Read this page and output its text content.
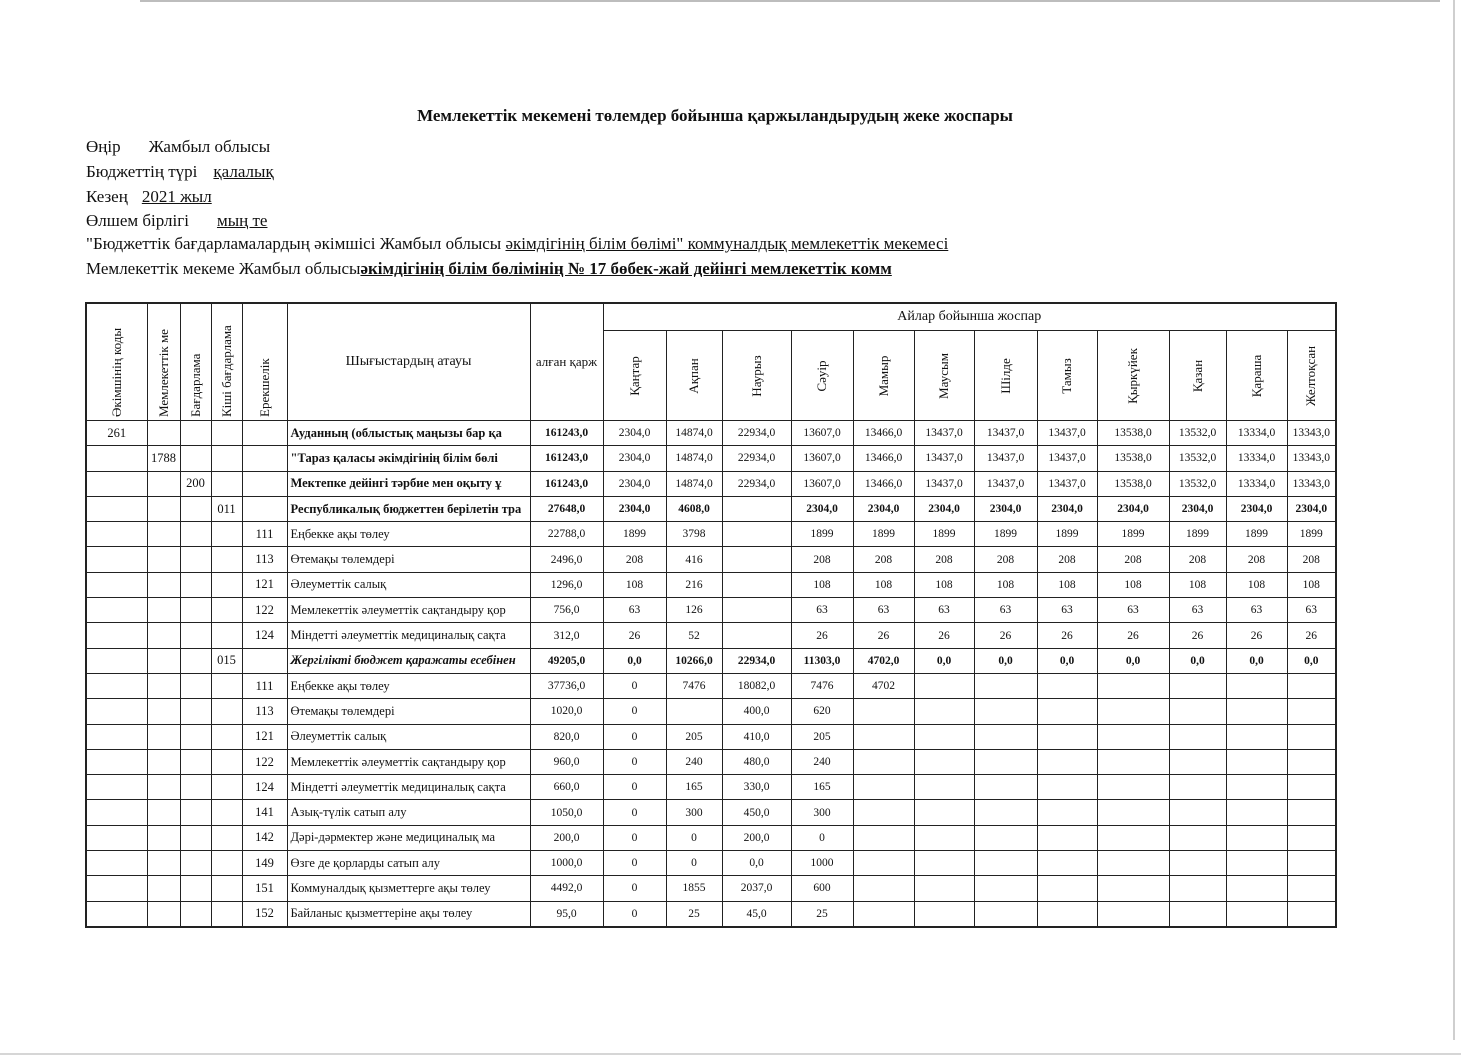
Мемлекеттік мекемені төлемдер бойынша қаржыландырудың жеке жоспары
Өңір Жамбыл облысы
Бюджеттің түрі қалалық
Кезең 2021 жыл
Өлшем бірлігі мың те
"Бюджеттік бағдарламалардың әкімшісі Жамбыл облысы әкімдігінің білім бөлімі" коммуналдық мемлекеттік мекемесі
Мемлекеттік мекеме Жамбыл облысыәкімдігінің білім бөлімінің № 17 бөбек-жай дейінгі мемлекеттік комм
Әкімшінің коды	Мемлекеттік ме	Бағдарлама	Кіші бағдарлама	Ерекшелік	Шығыстардың атауы	алған қарж	Айлар бойынша жоспар											

							Қаңтар	Ақпан	Наурыз	Сәуір	Мамыр	Маусым	Шілде	Тамыз	Қыркүйек	Қазан	Қараша	Желтоқсан

261					Ауданның (облыстық маңызы бар қа	161243,0	2304,0	14874,0	22934,0	13607,0	13466,0	13437,0	13437,0	13437,0	13538,0	13532,0	13334,0	13343,0
	1788				"Тараз қаласы әкімдігінің білім бөлі	161243,0	2304,0	14874,0	22934,0	13607,0	13466,0	13437,0	13437,0	13437,0	13538,0	13532,0	13334,0	13343,0
		200			Мектепке дейінгі тәрбие мен оқыту ұ	161243,0	2304,0	14874,0	22934,0	13607,0	13466,0	13437,0	13437,0	13437,0	13538,0	13532,0	13334,0	13343,0
			011		Республикалық бюджеттен берілетін тра	27648,0	2304,0	4608,0		2304,0	2304,0	2304,0	2304,0	2304,0	2304,0	2304,0	2304,0	2304,0
				111	Еңбекке ақы төлеу	22788,0	1899	3798		1899	1899	1899	1899	1899	1899	1899	1899	1899
				113	Өтемақы төлемдері	2496,0	208	416		208	208	208	208	208	208	208	208	208
				121	Әлеуметтік салық	1296,0	108	216		108	108	108	108	108	108	108	108	108
				122	Мемлекеттік әлеуметтік сақтандыру қор	756,0	63	126		63	63	63	63	63	63	63	63	63
				124	Міндетті әлеуметтік медициналық сақта	312,0	26	52		26	26	26	26	26	26	26	26	26
			015		Жергілікті бюджет қаражаты есебінен	49205,0	0,0	10266,0	22934,0	11303,0	4702,0	0,0	0,0	0,0	0,0	0,0	0,0	0,0
				111	Еңбекке ақы төлеу	37736,0	0	7476	18082,0	7476	4702							
				113	Өтемақы төлемдері	1020,0	0		400,0	620								
				121	Әлеуметтік салық	820,0	0	205	410,0	205								
				122	Мемлекеттік әлеуметтік сақтандыру қор	960,0	0	240	480,0	240								
				124	Міндетті әлеуметтік медициналық сақта	660,0	0	165	330,0	165								
				141	Азық-түлік сатып алу	1050,0	0	300	450,0	300								
				142	Дәрі-дәрмектер және медициналық ма	200,0	0	0	200,0	0								
				149	Өзге де қорларды сатып алу	1000,0	0	0	0,0	1000								
				151	Коммуналдық қызметтерге ақы төлеу	4492,0	0	1855	2037,0	600								
				152	Байланыс қызметтеріне ақы төлеу	95,0	0	25	45,0	25								
